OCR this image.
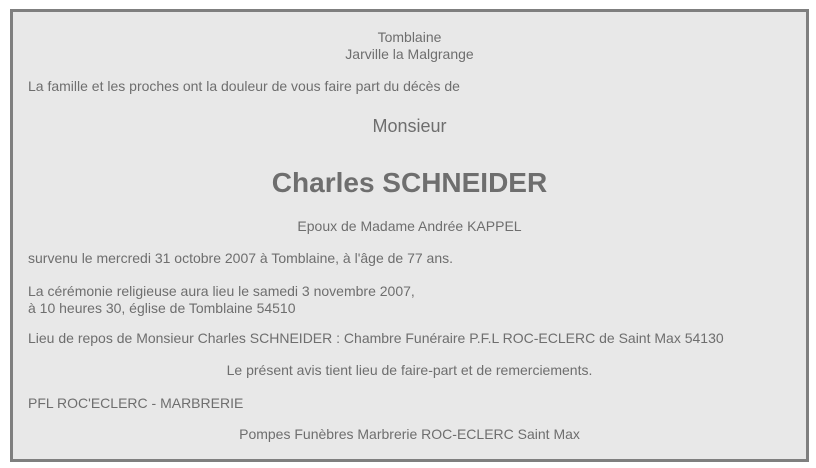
Tomblaine
Jarville la Malgrange
La famille et les proches ont la douleur de vous faire part du décès de
Monsieur
Charles SCHNEIDER
Epoux de Madame Andrée KAPPEL
survenu le mercredi 31 octobre 2007 à Tomblaine, à l'âge de 77 ans.
La cérémonie religieuse aura lieu le samedi 3 novembre 2007,
à 10 heures 30, église de Tomblaine 54510
Lieu de repos de Monsieur Charles SCHNEIDER : Chambre Funéraire P.F.L ROC-ECLERC de Saint Max 54130
Le présent avis tient lieu de faire-part et de remerciements.
PFL ROC'ECLERC - MARBRERIE
Pompes Funèbres Marbrerie ROC-ECLERC Saint Max
